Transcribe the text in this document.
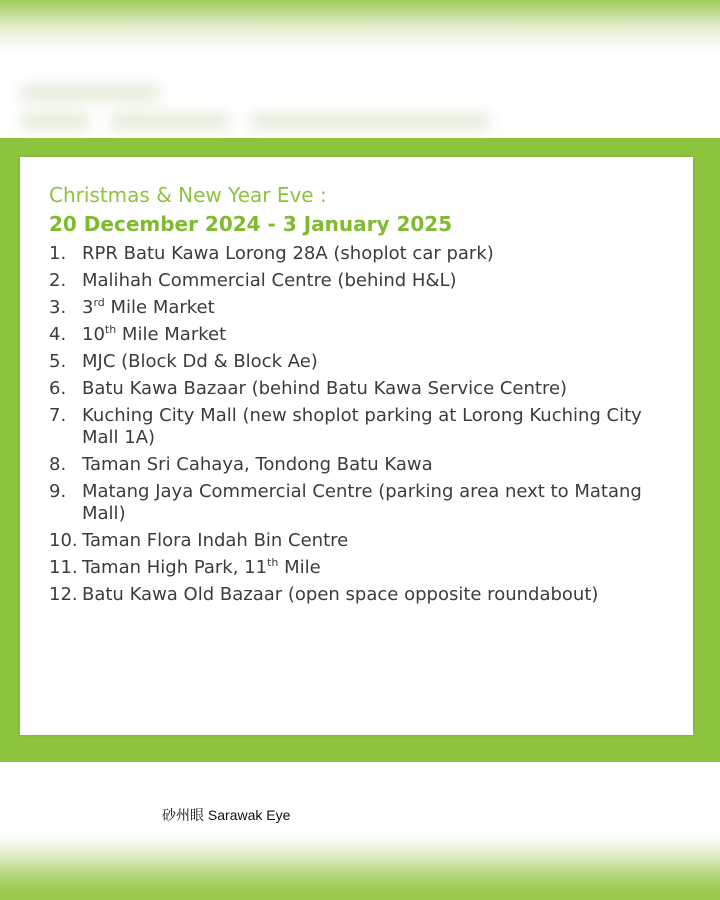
Christmas & New Year Eve :
20 December 2024 - 3 January 2025
1. RPR Batu Kawa Lorong 28A (shoplot car park)
2. Malihah Commercial Centre (behind H&L)
3. 3rd Mile Market
4. 10th Mile Market
5. MJC (Block Dd & Block Ae)
6. Batu Kawa Bazaar (behind Batu Kawa Service Centre)
7. Kuching City Mall (new shoplot parking at Lorong Kuching City Mall 1A)
8. Taman Sri Cahaya, Tondong Batu Kawa
9. Matang Jaya Commercial Centre (parking area next to Matang Mall)
10. Taman Flora Indah Bin Centre
11. Taman High Park, 11th Mile
12. Batu Kawa Old Bazaar (open space opposite roundabout)
砂州眼 Sarawak Eye
